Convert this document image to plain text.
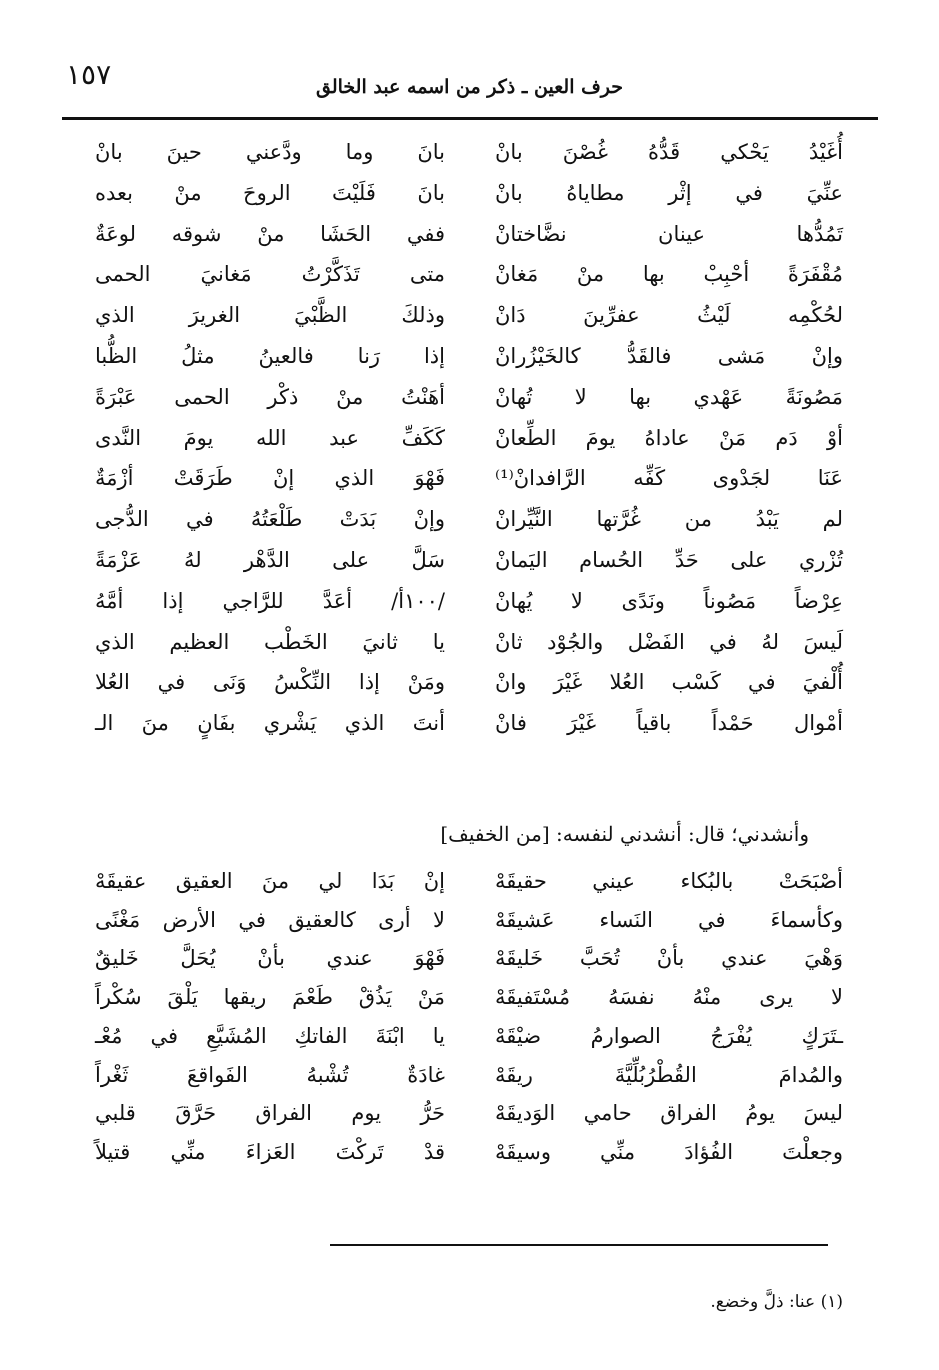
١٥٧	حرف العين ـ ذكر من اسمه عبد الخالق
بانَ وما ودَّعني حينَ بانْ أُغَيْدُ يَحْكي قَدُّهُ غُصْنَ بانْ
بانَ فَلَيْتَ الروحَ منْ بعده عنِّيَ في إثْر مطاياهُ بانْ
ففي الحَشَا منْ شوقه لوعَةٌ تَمُدُّها عينان نضَّاختانْ
متى تَذَكَّرْتُ مَغانيَ الحمى مُقْفَرَةً أحْبِبْ بها منْ مَغانْ
وذلكَ الظَّبْيَ الغريرَ الذي لحُكْمِه لَيْثُ عفرِّينَ دَانْ
إذا رَنا فالعينُ مثلُ الظُّبا وإنْ مَشى فالقَدُّ كالخَيْزُرانْ
أهَنْتُ منْ ذكْر الحمى عَبْرَةً مَصُونَةً عَهْدي بها لا تُهانْ
كَكَفِّ عبد الله يومَ النَّدى أوْ دَم مَنْ عاداهُ يومَ الطِّعانْ
فَهْوَ الذي إنْ طَرَقَتْ أزْمَةٌ عَنَا لجَدْوى كَفِّه الرَّافدانْ⁽¹⁾
وإنْ بَدَتْ طَلْعَتُهُ في الدُّجى لم يَبْدُ من غُرَّتها النَّيِّرانْ
سَلَّ على الدَّهْر لهُ عَزْمَةً تُزْري على حَدِّ الحُسام اليَمانْ
/١٠٠أ/ أعَدَّ للرَّاجي إذا أمَّهُ عِرْضاً مَصُوناً ونَدًى لا يُهانْ
يا ثانيَ الخَطْب العظيم الذي لَيسَ لهُ في الفَضْل والجُوْد ثانْ
ومَنْ إذا النِّكْسُ وَنَى في العُلا أُلْفيَ في كَسْب العُلا غَيْرَ وانْ
أنتَ الذي يَشْري بفَانٍ منَ الـ أمْوال حَمْداً باقياً غَيْرَ فانْ
وأنشدني؛ قال: أنشدني لنفسه: [من الخفيف]
إنْ بَدَا لي منَ العقيق عقيقَهْ أصْبَحَتْ بالبُكاء عيني حقيقَهْ
لا أرى كالعقيق في الأرض مَغْنًى وكأسماءَ في النَساء عَشيقَهْ
فَهْوَ عندي بأنْ يُحَلَّ خَليقٌ وَهْيَ عندي بأنْ تُحَبَّ خَليقَهْ
مَنْ يَذُقْ طَعْمَ ريقها يَلْقَ سُكْراً لا يرى منْهُ نفسَهُ مُسْتَفيقَهْ
يا ابْنَةَ الفاتكِ المُشَيَّعِ في مُعْـ ـتَرَكٍ يُفْرَجُ الصوارمُ ضيْقَهْ
غادَةٌ تُشْبهُ الفَواقعَ ثَغْراً والمُدامَ القُطْرُبُلِّيَّةَ ريقَهْ
حَرُّ يوم الفراق حَرَّقَ قلبي ليسَ يومُ الفراق حامي الوَديقَهْ
قدْ تَركْتَ العَزاءَ منِّي قتيلاً وجعلْتَ الفُؤادَ منِّي وسيقَهْ
(١) عنا: ذلَّ وخضع.
